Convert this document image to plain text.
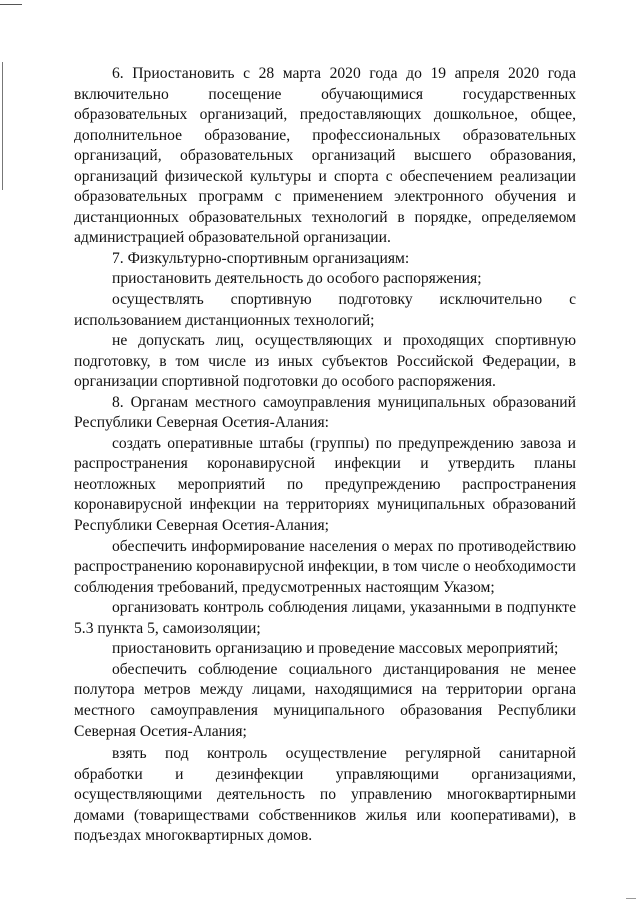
6. Приостановить с 28 марта 2020 года до 19 апреля 2020 года включительно посещение обучающимися государственных образовательных организаций, предоставляющих дошкольное, общее, дополнительное образование, профессиональных образовательных организаций, образовательных организаций высшего образования, организаций физической культуры и спорта с обеспечением реализации образовательных программ с применением электронного обучения и дистанционных образовательных технологий в порядке, определяемом администрацией образовательной организации.

7. Физкультурно-спортивным организациям:

приостановить деятельность до особого распоряжения;

осуществлять спортивную подготовку исключительно с использованием дистанционных технологий;

не допускать лиц, осуществляющих и проходящих спортивную подготовку, в том числе из иных субъектов Российской Федерации, в организации спортивной подготовки до особого распоряжения.

8. Органам местного самоуправления муниципальных образований Республики Северная Осетия-Алания:

создать оперативные штабы (группы) по предупреждению завоза и распространения коронавирусной инфекции и утвердить планы неотложных мероприятий по предупреждению распространения коронавирусной инфекции на территориях муниципальных образований Республики Северная Осетия-Алания;

обеспечить информирование населения о мерах по противодействию распространению коронавирусной инфекции, в том числе о необходимости соблюдения требований, предусмотренных настоящим Указом;

организовать контроль соблюдения лицами, указанными в подпункте 5.3 пункта 5, самоизоляции;

приостановить организацию и проведение массовых мероприятий;

обеспечить соблюдение социального дистанцирования не менее полутора метров между лицами, находящимися на территории органа местного самоуправления муниципального образования Республики Северная Осетия-Алания;

взять под контроль осуществление регулярной санитарной обработки и дезинфекции управляющими организациями, осуществляющими деятельность по управлению многоквартирными домами (товариществами собственников жилья или кооперативами), в подъездах многоквартирных домов.
